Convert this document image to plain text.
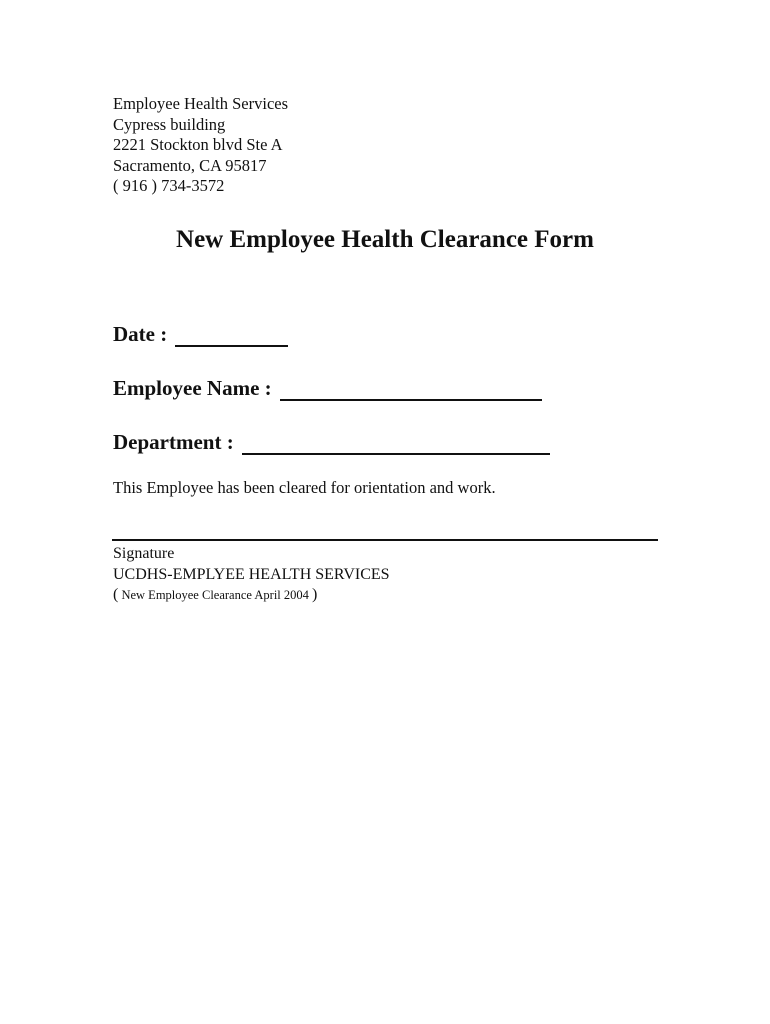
Employee Health Services
Cypress building
2221 Stockton blvd Ste A
Sacramento, CA 95817
( 916 ) 734-3572
New Employee Health Clearance Form
Date :
Employee Name :
Department :
This Employee has been cleared for orientation and work.
Signature
UCDHS-EMPLYEE HEALTH SERVICES
( New Employee Clearance April 2004 )
